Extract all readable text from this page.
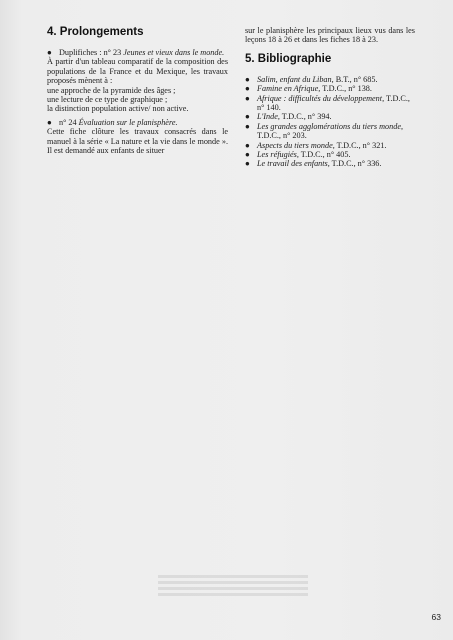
4. Prolongements

● Duplifiches : n° 23 Jeunes et vieux dans le monde.

À partir d'un tableau comparatif de la composition des populations de la France et du Mexique, les travaux proposés mènent à :

une approche de la pyramide des âges ;

une lecture de ce type de graphique ;

la distinction population active/ non active.

● n° 24 Évaluation sur le planisphère.

Cette fiche clôture les travaux consacrés dans le manuel à la série « La nature et la vie dans le monde ». Il est demandé aux enfants de situer

sur le planisphère les principaux lieux vus dans les leçons 18 à 26 et dans les fiches 18 à 23.

5. Bibliographie

● Salim, enfant du Liban, B.T., n° 685.

● Famine en Afrique, T.D.C., n° 138.

● Afrique : difficultés du développement, T.D.C., n° 140.

● L'Inde, T.D.C., n° 394.

● Les grandes agglomérations du tiers monde, T.D.C., n° 203.

● Aspects du tiers monde, T.D.C., n° 321.

● Les réfugiés, T.D.C., n° 405.

● Le travail des enfants, T.D.C., n° 336.

63
